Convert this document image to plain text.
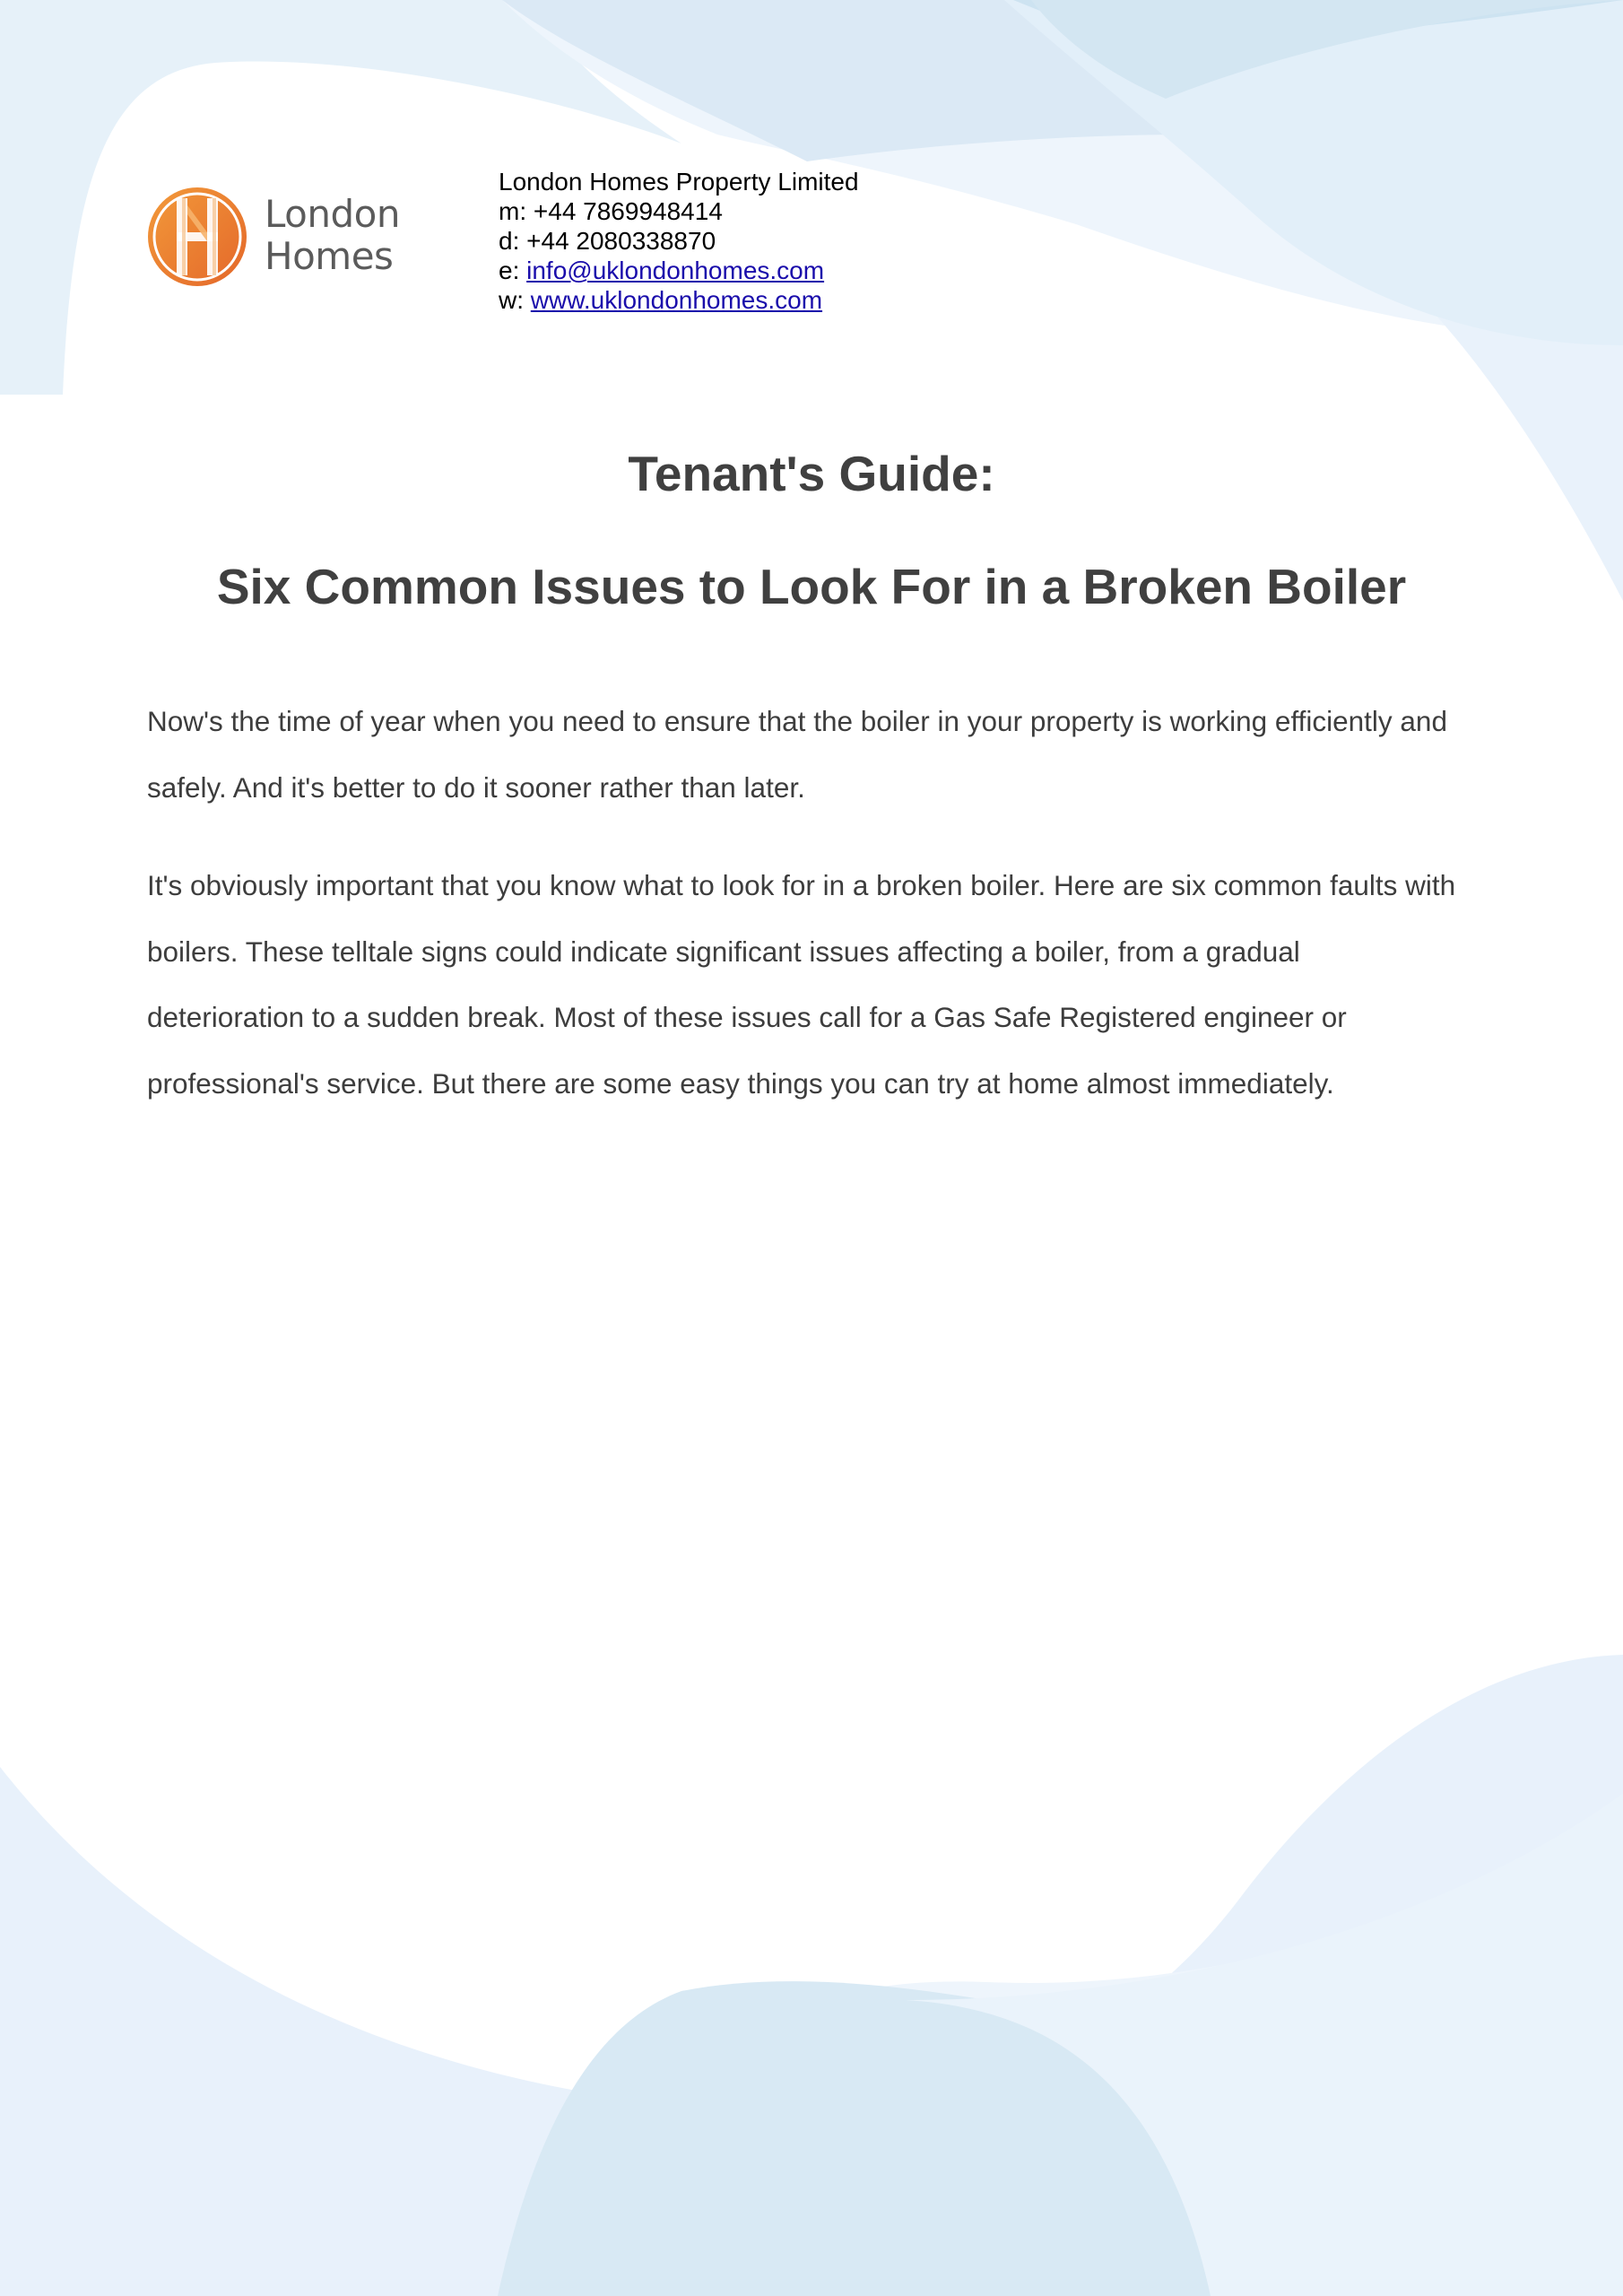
London
Homes
London Homes Property Limited
m: +44 7869948414
d: +44 2080338870
e: info@uklondonhomes.com
w: www.uklondonhomes.com
Tenant's Guide:
Six Common Issues to Look For in a Broken Boiler

Now's the time of year when you need to ensure that the boiler in your property is working efficiently and
safely. And it's better to do it sooner rather than later.

It's obviously important that you know what to look for in a broken boiler. Here are six common faults with
boilers. These telltale signs could indicate significant issues affecting a boiler, from a gradual
deterioration to a sudden break. Most of these issues call for a Gas Safe Registered engineer or
professional's service. But there are some easy things you can try at home almost immediately.
